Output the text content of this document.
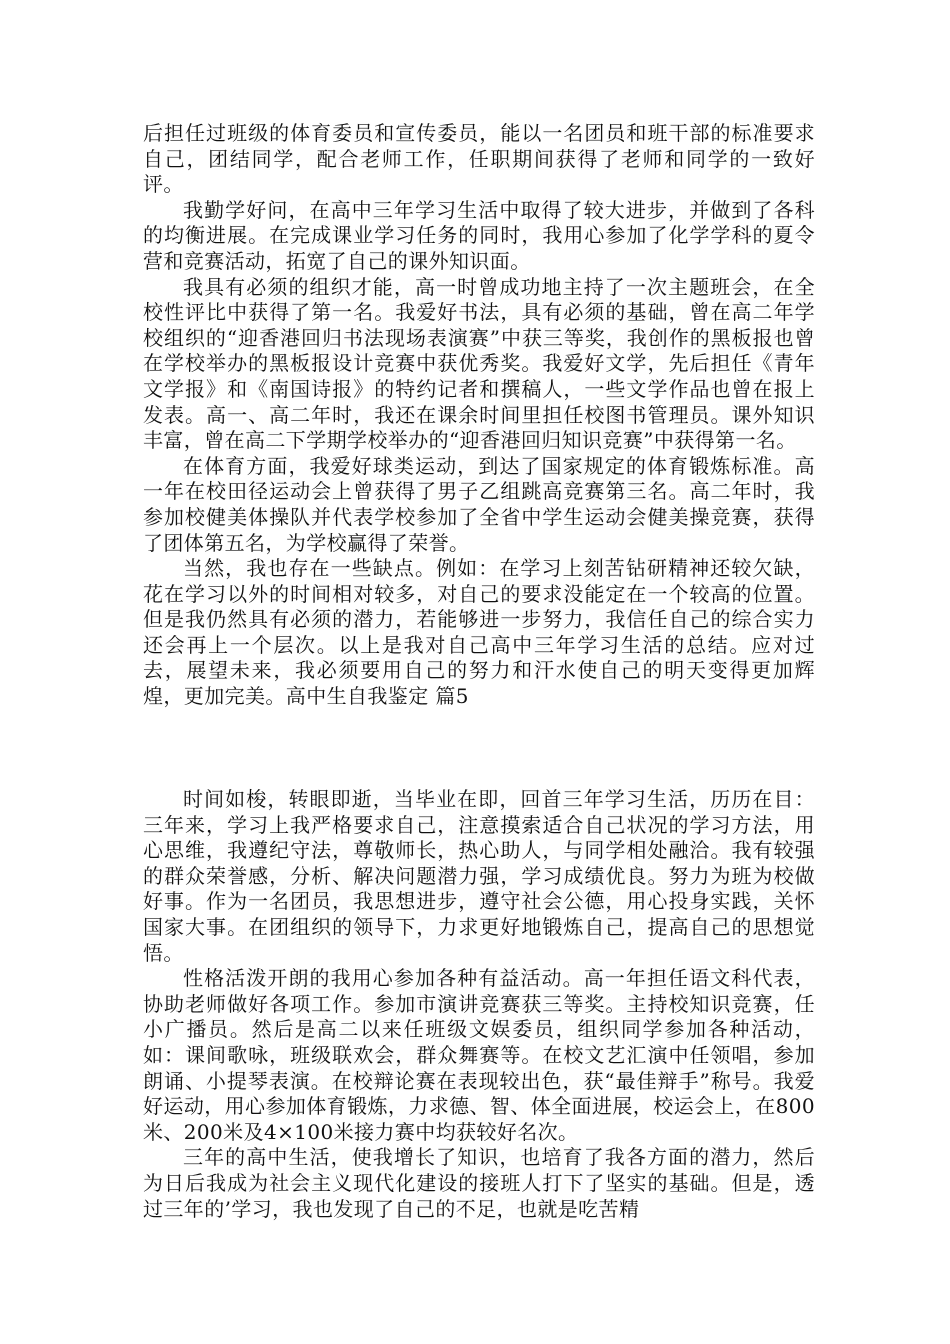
后担任过班级的体育委员和宣传委员，能以一名团员和班干部的标准要求自己，团结同学，配合老师工作，任职期间获得了老师和同学的一致好评。

我勤学好问，在高中三年学习生活中取得了较大进步，并做到了各科的均衡进展。在完成课业学习任务的同时，我用心参加了化学学科的夏令营和竞赛活动，拓宽了自己的课外知识面。

我具有必须的组织才能，高一时曾成功地主持了一次主题班会，在全校性评比中获得了第一名。我爱好书法，具有必须的基础，曾在高二年学校组织的“迎香港回归书法现场表演赛”中获三等奖，我创作的黑板报也曾在学校举办的黑板报设计竞赛中获优秀奖。我爱好文学，先后担任《青年文学报》和《南国诗报》的特约记者和撰稿人，一些文学作品也曾在报上发表。高一、高二年时，我还在课余时间里担任校图书管理员。课外知识丰富，曾在高二下学期学校举办的“迎香港回归知识竞赛”中获得第一名。

在体育方面，我爱好球类运动，到达了国家规定的体育锻炼标准。高一年在校田径运动会上曾获得了男子乙组跳高竞赛第三名。高二年时，我参加校健美体操队并代表学校参加了全省中学生运动会健美操竞赛，获得了团体第五名，为学校赢得了荣誉。

当然，我也存在一些缺点。例如：在学习上刻苦钻研精神还较欠缺，花在学习以外的时间相对较多，对自己的要求没能定在一个较高的位置。但是我仍然具有必须的潜力，若能够进一步努力，我信任自己的综合实力还会再上一个层次。以上是我对自己高中三年学习生活的总结。应对过去，展望未来，我必须要用自己的努力和汗水使自己的明天变得更加辉煌，更加完美。高中生自我鉴定 篇5

时间如梭，转眼即逝，当毕业在即，回首三年学习生活，历历在目：三年来，学习上我严格要求自己，注意摸索适合自己状况的学习方法，用心思维，我遵纪守法，尊敬师长，热心助人，与同学相处融洽。我有较强的群众荣誉感，分析、解决问题潜力强，学习成绩优良。努力为班为校做好事。作为一名团员，我思想进步，遵守社会公德，用心投身实践，关怀国家大事。在团组织的领导下，力求更好地锻炼自己，提高自己的思想觉悟。

性格活泼开朗的我用心参加各种有益活动。高一年担任语文科代表，协助老师做好各项工作。参加市演讲竞赛获三等奖。主持校知识竞赛，任小广播员。然后是高二以来任班级文娱委员，组织同学参加各种活动，如：课间歌咏，班级联欢会，群众舞赛等。在校文艺汇演中任领唱，参加朗诵、小提琴表演。在校辩论赛在表现较出色，获“最佳辩手”称号。我爱好运动，用心参加体育锻炼，力求德、智、体全面进展，校运会上，在800米、200米及4×100米接力赛中均获较好名次。

三年的高中生活，使我增长了知识，也培育了我各方面的潜力，然后为日后我成为社会主义现代化建设的接班人打下了坚实的基础。但是，透过三年的’学习，我也发现了自己的不足，也就是吃苦精
